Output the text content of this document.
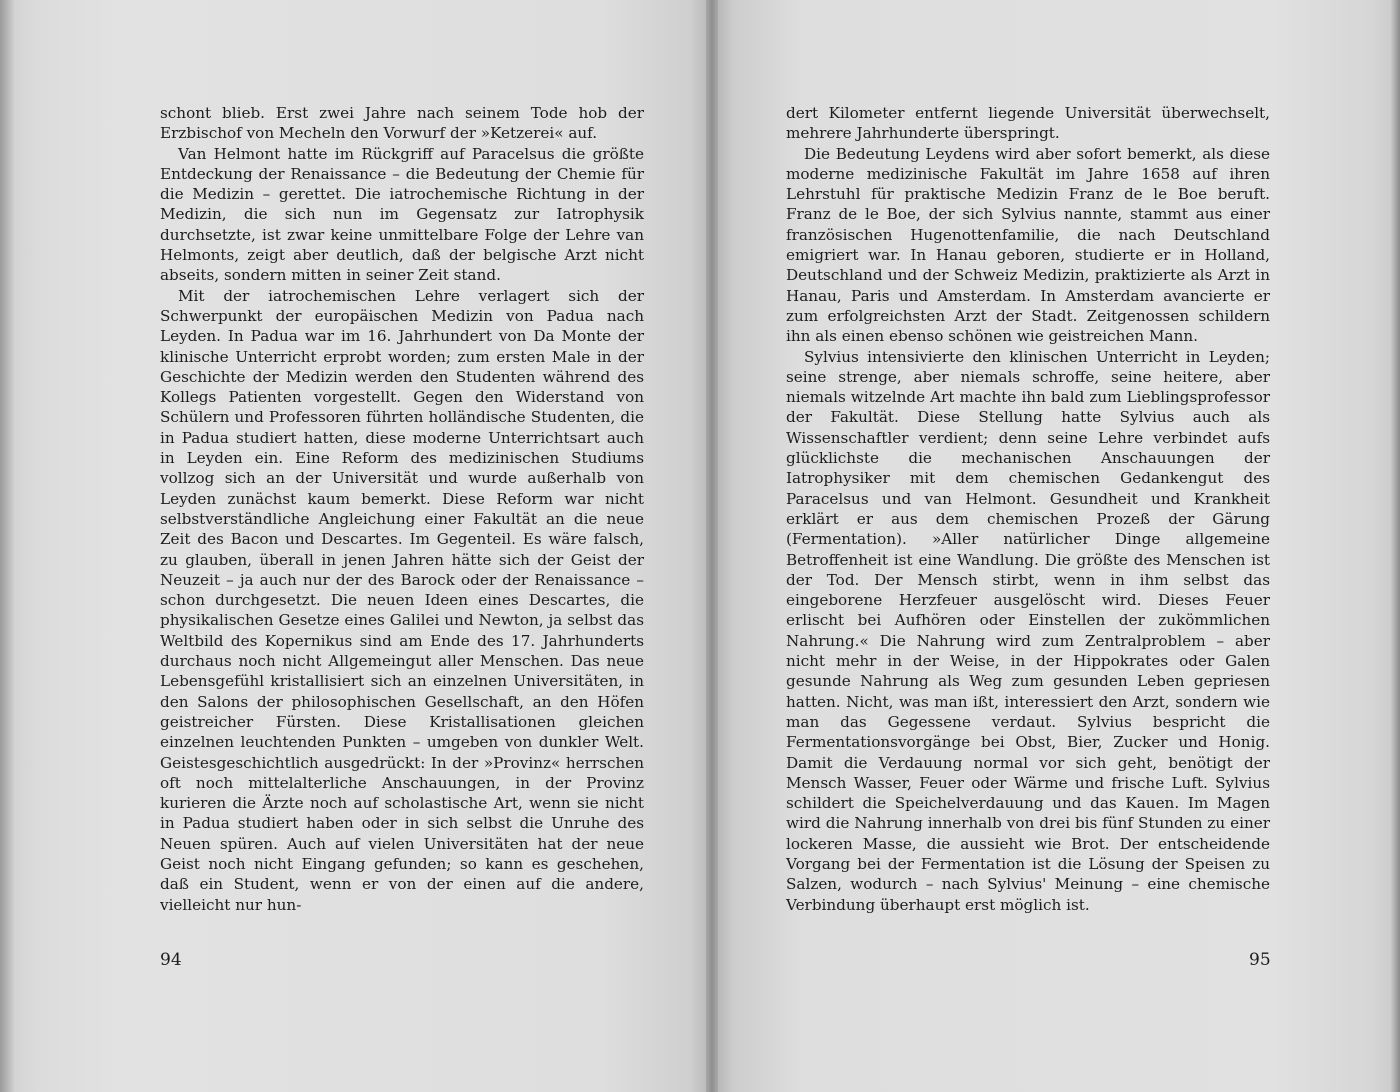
schont blieb. Erst zwei Jahre nach seinem Tode hob der Erzbischof von Mecheln den Vorwurf der »Ketzerei« auf.

Van Helmont hatte im Rückgriff auf Paracelsus die größte Entdeckung der Renaissance – die Bedeutung der Chemie für die Medizin – gerettet. Die iatrochemische Richtung in der Medizin, die sich nun im Gegensatz zur Iatrophysik durchsetzte, ist zwar keine unmittelbare Folge der Lehre van Helmonts, zeigt aber deutlich, daß der belgische Arzt nicht abseits, sondern mitten in seiner Zeit stand.

Mit der iatrochemischen Lehre verlagert sich der Schwerpunkt der europäischen Medizin von Padua nach Leyden. In Padua war im 16. Jahrhundert von Da Monte der klinische Unterricht erprobt worden; zum ersten Male in der Geschichte der Medizin werden den Studenten während des Kollegs Patienten vorgestellt. Gegen den Widerstand von Schülern und Professoren führten holländische Studenten, die in Padua studiert hatten, diese moderne Unterrichtsart auch in Leyden ein. Eine Reform des medizinischen Studiums vollzog sich an der Universität und wurde außerhalb von Leyden zunächst kaum bemerkt. Diese Reform war nicht selbstverständliche Angleichung einer Fakultät an die neue Zeit des Bacon und Descartes. Im Gegenteil. Es wäre falsch, zu glauben, überall in jenen Jahren hätte sich der Geist der Neuzeit – ja auch nur der des Barock oder der Renaissance – schon durchgesetzt. Die neuen Ideen eines Descartes, die physikalischen Gesetze eines Galilei und Newton, ja selbst das Weltbild des Kopernikus sind am Ende des 17. Jahrhunderts durchaus noch nicht Allgemeingut aller Menschen. Das neue Lebensgefühl kristallisiert sich an einzelnen Universitäten, in den Salons der philosophischen Gesellschaft, an den Höfen geistreicher Fürsten. Diese Kristallisationen gleichen einzelnen leuchtenden Punkten – umgeben von dunkler Welt. Geistesgeschichtlich ausgedrückt: In der »Provinz« herrschen oft noch mittelalterliche Anschauungen, in der Provinz kurieren die Ärzte noch auf scholastische Art, wenn sie nicht in Padua studiert haben oder in sich selbst die Unruhe des Neuen spüren. Auch auf vielen Universitäten hat der neue Geist noch nicht Eingang gefunden; so kann es geschehen, daß ein Student, wenn er von der einen auf die andere, vielleicht nur hun-

94

dert Kilometer entfernt liegende Universität überwechselt, mehrere Jahrhunderte überspringt.

Die Bedeutung Leydens wird aber sofort bemerkt, als diese moderne medizinische Fakultät im Jahre 1658 auf ihren Lehrstuhl für praktische Medizin Franz de le Boe beruft. Franz de le Boe, der sich Sylvius nannte, stammt aus einer französischen Hugenottenfamilie, die nach Deutschland emigriert war. In Hanau geboren, studierte er in Holland, Deutschland und der Schweiz Medizin, praktizierte als Arzt in Hanau, Paris und Amsterdam. In Amsterdam avancierte er zum erfolgreichsten Arzt der Stadt. Zeitgenossen schildern ihn als einen ebenso schönen wie geistreichen Mann.

Sylvius intensivierte den klinischen Unterricht in Leyden; seine strenge, aber niemals schroffe, seine heitere, aber niemals witzelnde Art machte ihn bald zum Lieblingsprofessor der Fakultät. Diese Stellung hatte Sylvius auch als Wissenschaftler verdient; denn seine Lehre verbindet aufs glücklichste die mechanischen Anschauungen der Iatrophysiker mit dem chemischen Gedankengut des Paracelsus und van Helmont. Gesundheit und Krankheit erklärt er aus dem chemischen Prozeß der Gärung (Fermentation). »Aller natürlicher Dinge allgemeine Betroffenheit ist eine Wandlung. Die größte des Menschen ist der Tod. Der Mensch stirbt, wenn in ihm selbst das eingeborene Herzfeuer ausgelöscht wird. Dieses Feuer erlischt bei Aufhören oder Einstellen der zukömmlichen Nahrung.« Die Nahrung wird zum Zentralproblem – aber nicht mehr in der Weise, in der Hippokrates oder Galen gesunde Nahrung als Weg zum gesunden Leben gepriesen hatten. Nicht, was man ißt, interessiert den Arzt, sondern wie man das Gegessene verdaut. Sylvius bespricht die Fermentationsvorgänge bei Obst, Bier, Zucker und Honig. Damit die Verdauung normal vor sich geht, benötigt der Mensch Wasser, Feuer oder Wärme und frische Luft. Sylvius schildert die Speichelverdauung und das Kauen. Im Magen wird die Nahrung innerhalb von drei bis fünf Stunden zu einer lockeren Masse, die aussieht wie Brot. Der entscheidende Vorgang bei der Fermentation ist die Lösung der Speisen zu Salzen, wodurch – nach Sylvius' Meinung – eine chemische Verbindung überhaupt erst möglich ist.

95
